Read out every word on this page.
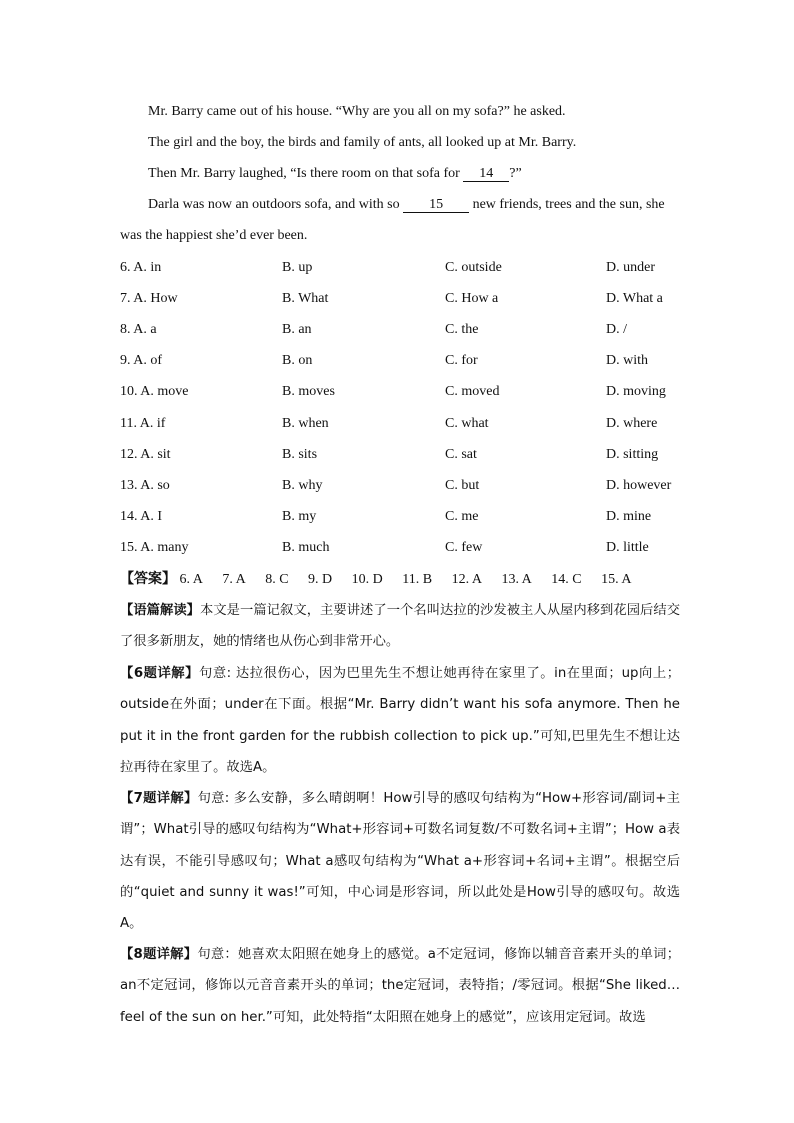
Mr. Barry came out of his house. “Why are you all on my sofa?” he asked.
The girl and the boy, the birds and family of ants, all looked up at Mr. Barry.
Then Mr. Barry laughed, “Is there room on that sofa for 14 ?”
Darla was now an outdoors sofa, and with so 15 new friends, trees and the sun, she
was the happiest she’d ever been.
6. A. in	B. up	C. outside	D. under
7. A. How	B. What	C. How a	D. What a
8. A. a	B. an	C. the	D. /
9. A. of	B. on	C. for	D. with
10. A. move	B. moves	C. moved	D. moving
11. A. if	B. when	C. what	D. where
12. A. sit	B. sits	C. sat	D. sitting
13. A. so	B. why	C. but	D. however
14. A. I	B. my	C. me	D. mine
15. A. many	B. much	C. few	D. little
【答案】 6. A 7. A 8. C 9. D 10. D 11. B 12. A 13. A 14. C 15. A
【语篇解读】本文是一篇记叙文，主要讲述了一个名叫达拉的沙发被主人从屋内移到花园后结交了很多新朋友，她的情绪也从伤心到非常开心。
【6题详解】句意: 达拉很伤心，因为巴里先生不想让她再待在家里了。in在里面；up向上；outside在外面；under在下面。根据“Mr. Barry didn’t want his sofa anymore. Then he put it in the front garden for the rubbish collection to pick up.”可知,巴里先生不想让达拉再待在家里了。故选A。
【7题详解】句意: 多么安静，多么晴朗啊！How引导的感叹句结构为“How+形容词/副词+主谓”；What引导的感叹句结构为“What+形容词+可数名词复数/不可数名词+主谓”；How a表达有误，不能引导感叹句；What a感叹句结构为“What a+形容词+名词+主谓”。根据空后的“quiet and sunny it was!”可知，中心词是形容词，所以此处是How引导的感叹句。故选A。
【8题详解】句意：她喜欢太阳照在她身上的感觉。a不定冠词，修饰以辅音音素开头的单词；an不定冠词，修饰以元音音素开头的单词；the定冠词，表特指；/零冠词。根据“She liked… feel of the sun on her.”可知，此处特指“太阳照在她身上的感觉”，应该用定冠词。故选
